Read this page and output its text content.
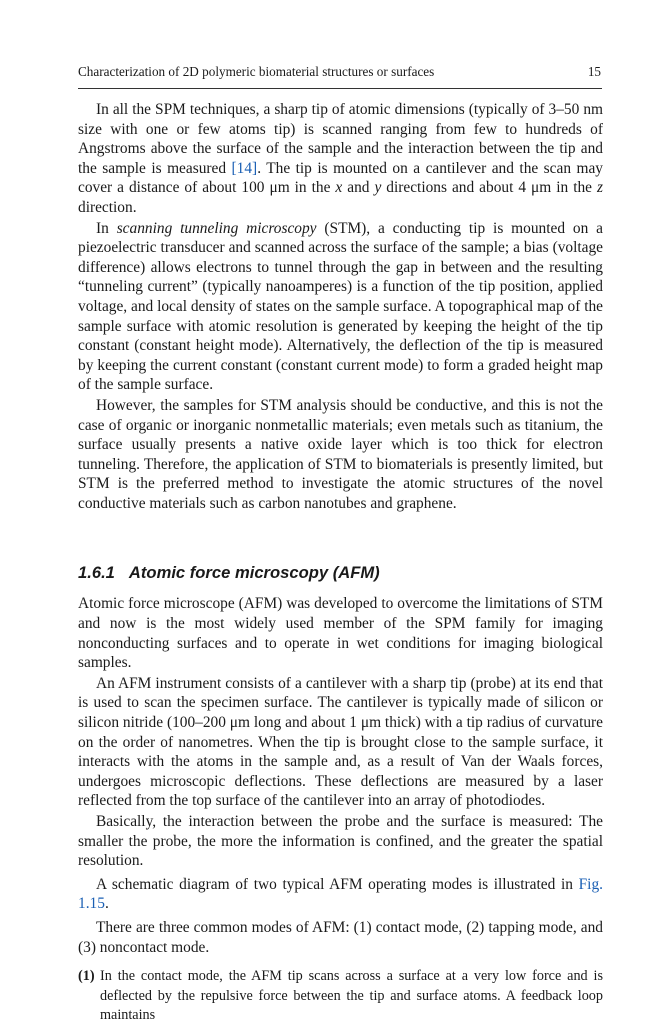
Characterization of 2D polymeric biomaterial structures or surfaces	15

In all the SPM techniques, a sharp tip of atomic dimensions (typically of 3–50 nm size with one or few atoms tip) is scanned ranging from few to hundreds of Angstroms above the surface of the sample and the interaction between the tip and the sample is measured [14]. The tip is mounted on a cantilever and the scan may cover a distance of about 100 μm in the x and y directions and about 4 μm in the z direction.

In scanning tunneling microscopy (STM), a conducting tip is mounted on a piezoelectric transducer and scanned across the surface of the sample; a bias (voltage difference) allows electrons to tunnel through the gap in between and the resulting “tunneling current” (typically nanoamperes) is a function of the tip position, applied voltage, and local density of states on the sample surface. A topographical map of the sample surface with atomic resolution is generated by keeping the height of the tip constant (constant height mode). Alternatively, the deflection of the tip is measured by keeping the current constant (constant current mode) to form a graded height map of the sample surface.

However, the samples for STM analysis should be conductive, and this is not the case of organic or inorganic nonmetallic materials; even metals such as titanium, the surface usually presents a native oxide layer which is too thick for electron tunneling. Therefore, the application of STM to biomaterials is presently limited, but STM is the preferred method to investigate the atomic structures of the novel conductive materials such as carbon nanotubes and graphene.

1.6.1 Atomic force microscopy (AFM)

Atomic force microscope (AFM) was developed to overcome the limitations of STM and now is the most widely used member of the SPM family for imaging nonconducting surfaces and to operate in wet conditions for imaging biological samples.

An AFM instrument consists of a cantilever with a sharp tip (probe) at its end that is used to scan the specimen surface. The cantilever is typically made of silicon or silicon nitride (100–200 μm long and about 1 μm thick) with a tip radius of curvature on the order of nanometres. When the tip is brought close to the sample surface, it interacts with the atoms in the sample and, as a result of Van der Waals forces, undergoes microscopic deflections. These deflections are measured by a laser reflected from the top surface of the cantilever into an array of photodiodes.

Basically, the interaction between the probe and the surface is measured: The smaller the probe, the more the information is confined, and the greater the spatial resolution.

A schematic diagram of two typical AFM operating modes is illustrated in Fig. 1.15.

There are three common modes of AFM: (1) contact mode, (2) tapping mode, and (3) noncontact mode.

(1) In the contact mode, the AFM tip scans across a surface at a very low force and is deflected by the repulsive force between the tip and surface atoms. A feedback loop maintains
